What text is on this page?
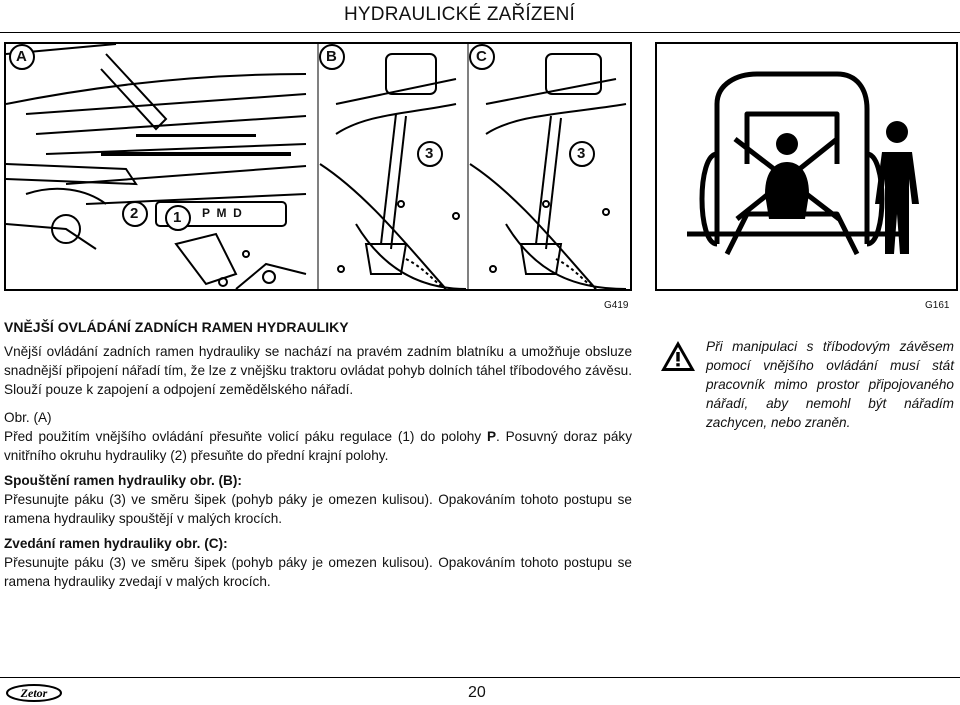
HYDRAULICKÉ ZAŘÍZENÍ
A	B	C
1
2
3	3
P  M  D
G419	G161

VNĚJŠÍ OVLÁDÁNÍ ZADNÍCH RAMEN HYDRAULIKY

Vnější ovládání zadních ramen hydrauliky se nachází na pravém zadním blatníku a umožňuje obsluze snadnější připojení nářadí tím, že lze z vnějšku traktoru ovládat pohyb dolních táhel tříbodového závěsu. Slouží pouze k zapojení a odpojení zemědělského nářadí.

Obr. (A)

Před použitím vnějšího ovládání přesuňte volicí páku regulace (1) do polohy P. Posuvný doraz páky vnitřního okruhu hydrauliky (2) přesuňte do přední krajní polohy.

Spouštění ramen hydrauliky obr. (B):

Přesunujte páku (3) ve směru šipek (pohyb páky je omezen kulisou). Opakováním tohoto postupu se ramena hydrauliky spouštějí v malých krocích.

Zvedání ramen hydrauliky obr. (C):

Přesunujte páku (3) ve směru šipek (pohyb páky je omezen kulisou). Opakováním tohoto postupu se ramena hydrauliky zvedají v malých krocích.

Při manipulaci s tříbodovým závěsem pomocí vnějšího ovládání musí stát pracovník mimo prostor připojovaného nářadí, aby nemohl být nářadím zachycen, nebo zraněn.
Zetor	20
